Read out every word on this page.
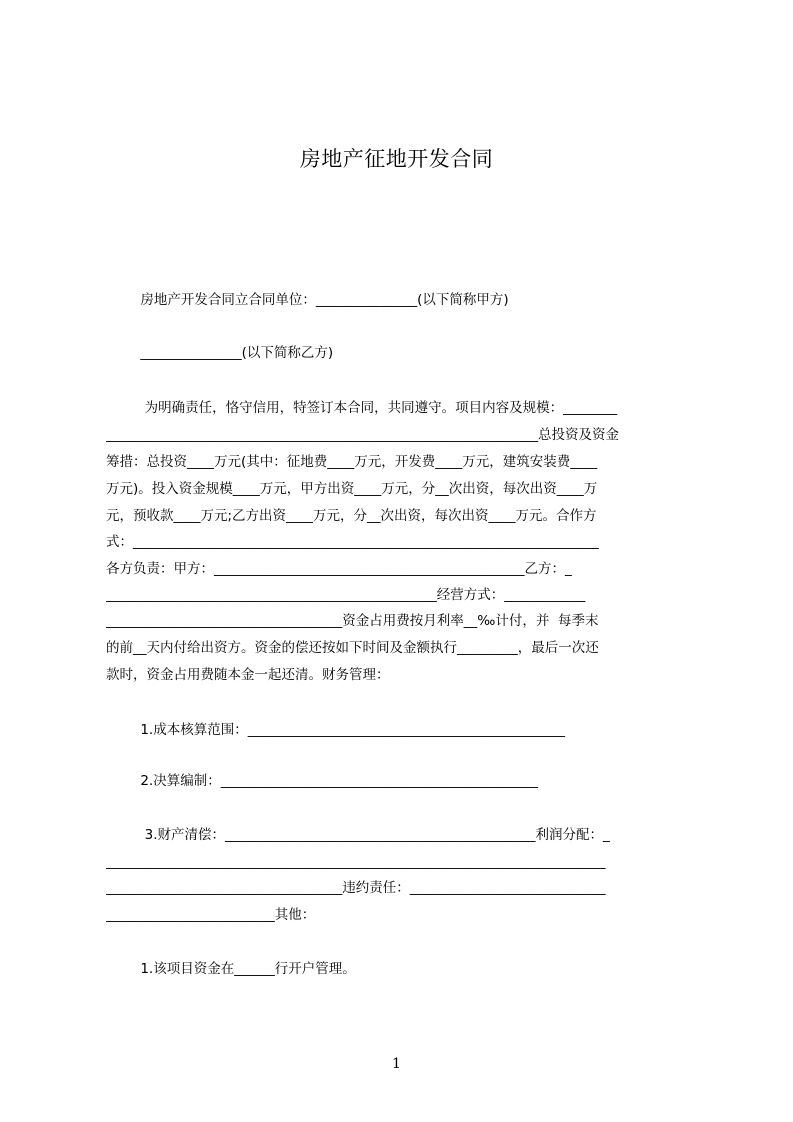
房地产征地开发合同
房地产开发合同立合同单位：_______________(以下简称甲方)
_______________(以下简称乙方)
为明确责任，恪守信用，特签订本合同，共同遵守。项目内容及规模：________
________________________________________________________________总投资及资金
筹措：总投资____万元(其中：征地费____万元，开发费____万元，建筑安装费____
万元)。投入资金规模____万元，甲方出资____万元，分__次出资，每次出资____万
元，预收款____万元;乙方出资____万元，分__次出资，每次出资____万元。合作方
式：_____________________________________________________________________
各方负责：甲方：______________________________________________乙方：_
_________________________________________________经营方式：____________
___________________________________资金占用费按月利率__‰计付，并  每季末
的前__天内付给出资方。资金的偿还按如下时间及金额执行_________，最后一次还
款时，资金占用费随本金一起还清。财务管理：
1.成本核算范围：_______________________________________________
2.决算编制：_______________________________________________
3.财产清偿：______________________________________________利润分配：_
__________________________________________________________________________
___________________________________违约责任：_____________________________
_________________________其他：
1.该项目资金在______行开户管理。
1
